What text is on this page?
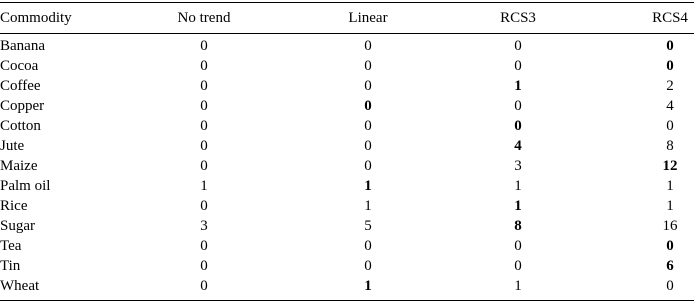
Commodity	No trend	Linear	RCS3	RCS4
Banana	0	0	0	0
Cocoa	0	0	0	0
Coffee	0	0	1	2
Copper	0	0	0	4
Cotton	0	0	0	0
Jute	0	0	4	8
Maize	0	0	3	12
Palm oil	1	1	1	1
Rice	0	1	1	1
Sugar	3	5	8	16
Tea	0	0	0	0
Tin	0	0	0	6
Wheat	0	1	1	0
